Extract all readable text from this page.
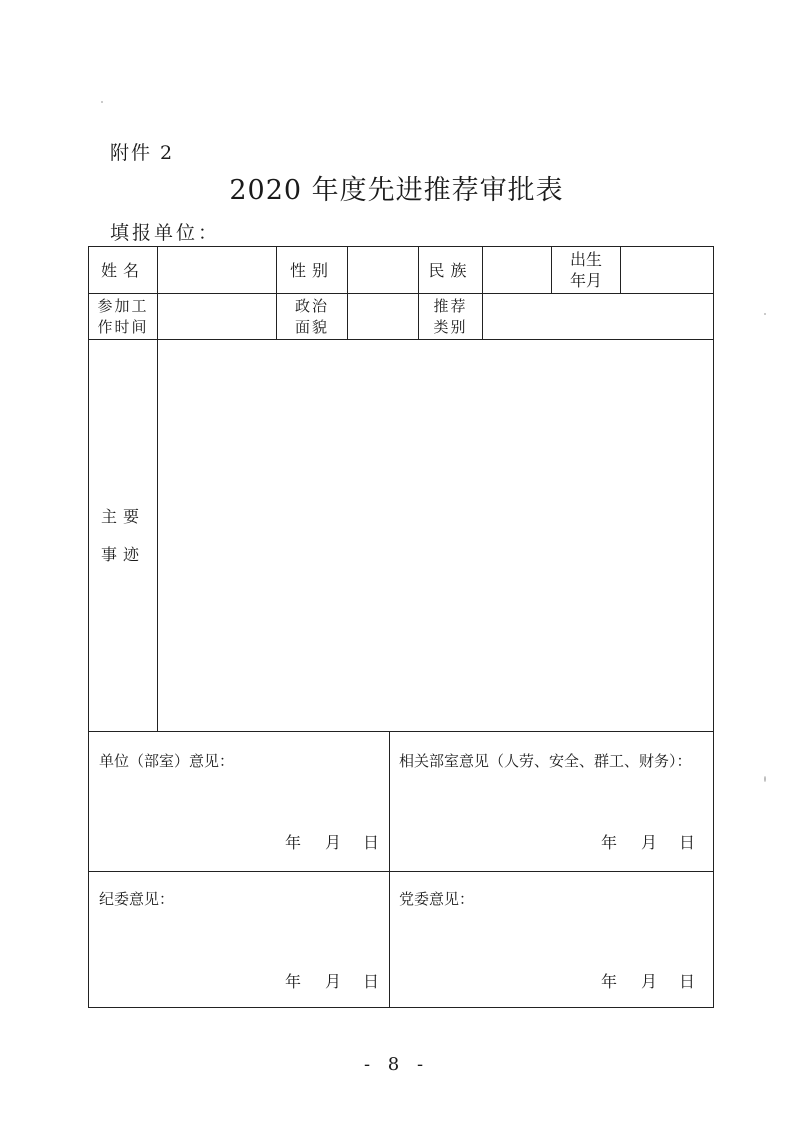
附件 2
2020 年度先进推荐审批表
填报单位：
姓名	性别	民族
出生
年月
参加工
作时间
政治
面貌
推荐
类别
主要
事迹
单位（部室）意见：
年 月 日
相关部室意见（人劳、安全、群工、财务）：
年 月 日
纪委意见：
年 月 日
党委意见：
年 月 日
- 8 -
